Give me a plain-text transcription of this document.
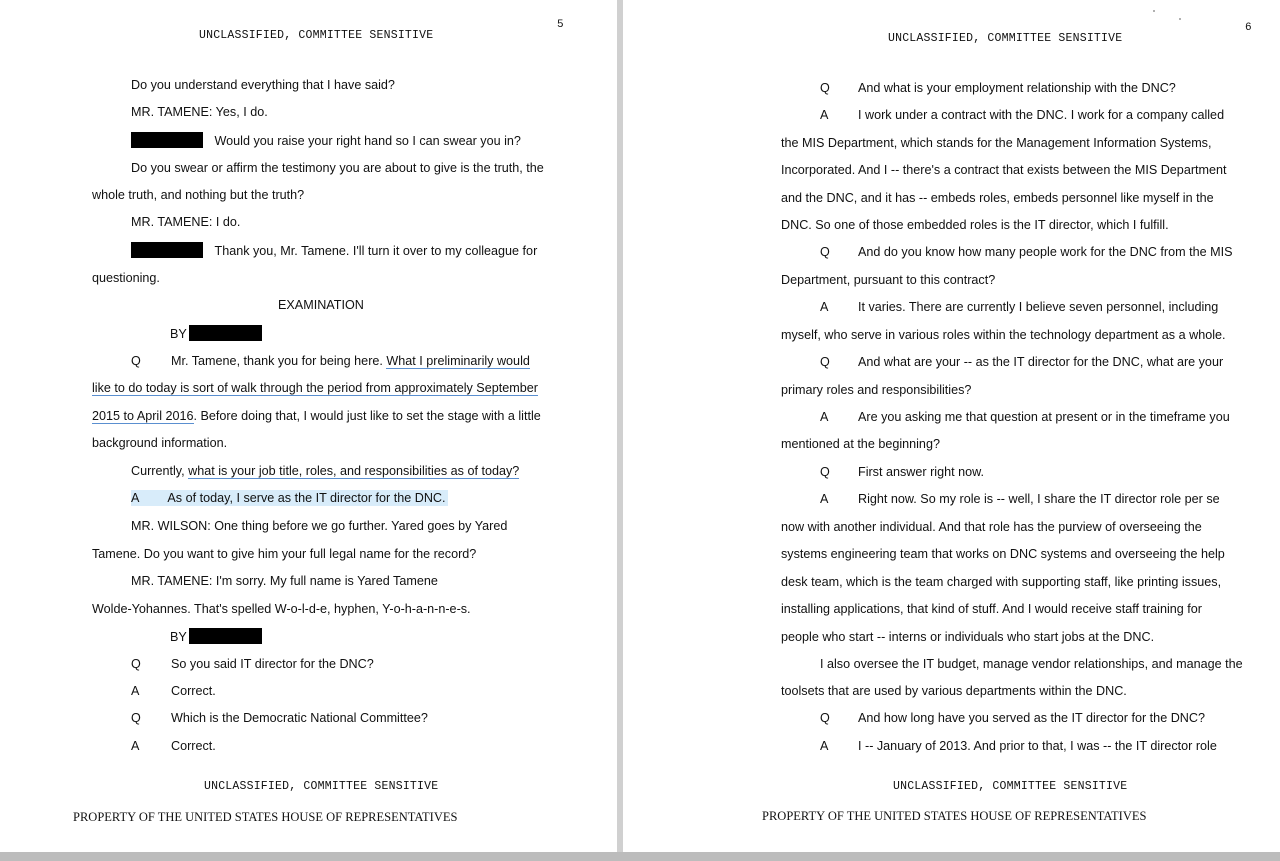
UNCLASSIFIED, COMMITTEE SENSITIVE
5
Do you understand everything that I have said?
MR. TAMENE: Yes, I do.
Would you raise your right hand so I can swear you in?
Do you swear or affirm the testimony you are about to give is the truth, the
whole truth, and nothing but the truth?
MR. TAMENE: I do.
Thank you, Mr. Tamene. I'll turn it over to my colleague for
questioning.
EXAMINATION
BY
Q Mr. Tamene, thank you for being here. What I preliminarily would
like to do today is sort of walk through the period from approximately September
2015 to April 2016. Before doing that, I would just like to set the stage with a little
background information.
Currently, what is your job title, roles, and responsibilities as of today?
A As of today, I serve as the IT director for the DNC.
MR. WILSON: One thing before we go further. Yared goes by Yared
Tamene. Do you want to give him your full legal name for the record?
MR. TAMENE: I'm sorry. My full name is Yared Tamene
Wolde-Yohannes. That's spelled W-o-l-d-e, hyphen, Y-o-h-a-n-n-e-s.
BY
Q So you said IT director for the DNC?
A	Correct.
Q Which is the Democratic National Committee?
A	Correct.
UNCLASSIFIED, COMMITTEE SENSITIVE
PROPERTY OF THE UNITED STATES HOUSE OF REPRESENTATIVES
UNCLASSIFIED, COMMITTEE SENSITIVE
6
Q And what is your employment relationship with the DNC?
A I work under a contract with the DNC. I work for a company called
the MIS Department, which stands for the Management Information Systems,
Incorporated. And I -- there's a contract that exists between the MIS Department
and the DNC, and it has -- embeds roles, embeds personnel like myself in the
DNC. So one of those embedded roles is the IT director, which I fulfill.
Q And do you know how many people work for the DNC from the MIS
Department, pursuant to this contract?
A It varies. There are currently I believe seven personnel, including
myself, who serve in various roles within the technology department as a whole.
Q And what are your -- as the IT director for the DNC, what are your
primary roles and responsibilities?
A Are you asking me that question at present or in the timeframe you
mentioned at the beginning?
Q First answer right now.
A Right now. So my role is -- well, I share the IT director role per se
now with another individual. And that role has the purview of overseeing the
systems engineering team that works on DNC systems and overseeing the help
desk team, which is the team charged with supporting staff, like printing issues,
installing applications, that kind of stuff. And I would receive staff training for
people who start -- interns or individuals who start jobs at the DNC.
I also oversee the IT budget, manage vendor relationships, and manage the
toolsets that are used by various departments within the DNC.
Q And how long have you served as the IT director for the DNC?
A I -- January of 2013. And prior to that, I was -- the IT director role
UNCLASSIFIED, COMMITTEE SENSITIVE
PROPERTY OF THE UNITED STATES HOUSE OF REPRESENTATIVES
